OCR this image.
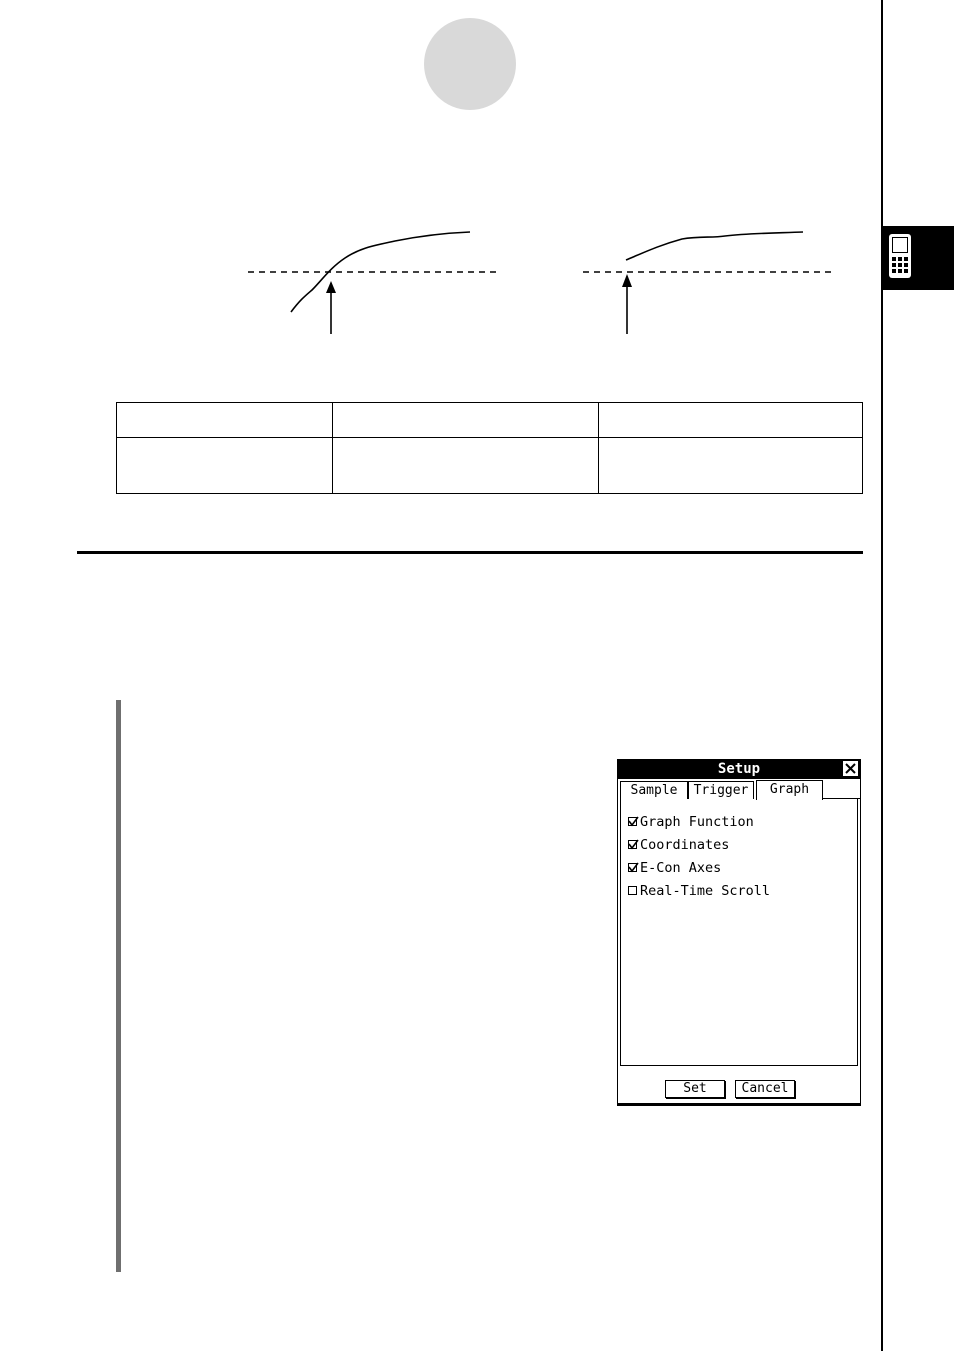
Setup
Sample	Trigger	Graph
Graph Function
Coordinates
E-Con Axes
Real-Time Scroll
Set	Cancel
